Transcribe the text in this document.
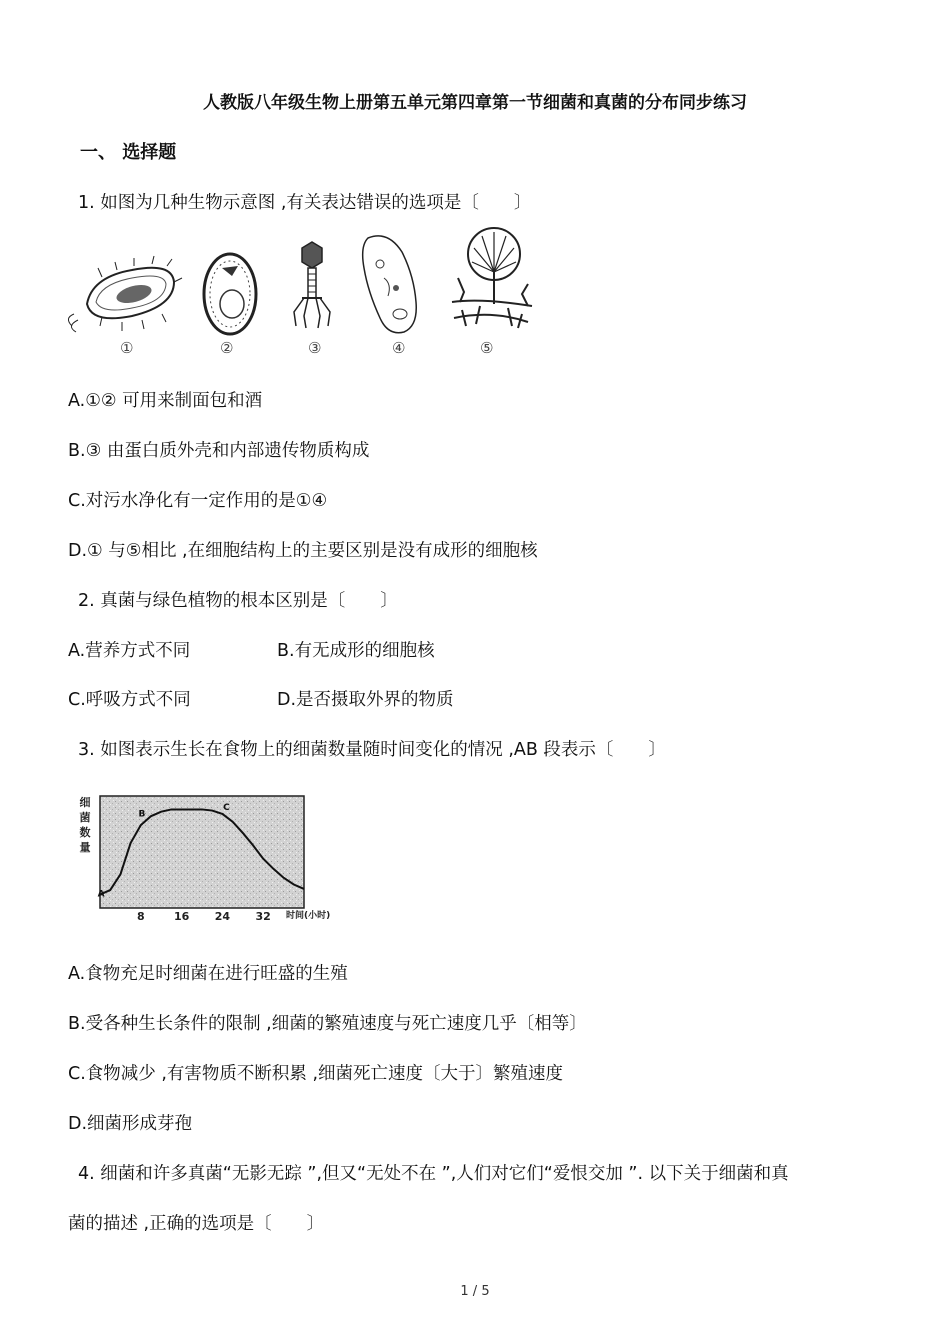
人教版八年级生物上册第五单元第四章第一节细菌和真菌的分布同步练习
一、 选择题
1. 如图为几种生物示意图 ,有关表达错误的选项是〔　　〕
①	②	③	④	⑤
A.①② 可用来制面包和酒
B.③ 由蛋白质外壳和内部遗传物质构成
C.对污水净化有一定作用的是①④
D.① 与⑤相比 ,在细胞结构上的主要区别是没有成形的细胞核
2. 真菌与绿色植物的根本区别是〔　　〕
A.营养方式不同	B.有无成形的细胞核
C.呼吸方式不同	D.是否摄取外界的物质
3. 如图表示生长在食物上的细菌数量随时间变化的情况 ,AB 段表示〔　　〕
细
菌
数
量
8	16 24 32
A
B
C
时间(小时)
A.食物充足时细菌在进行旺盛的生殖
B.受各种生长条件的限制 ,细菌的繁殖速度与死亡速度几乎〔相等〕
C.食物减少 ,有害物质不断积累 ,细菌死亡速度〔大于〕繁殖速度
D.细菌形成芽孢
4. 细菌和许多真菌“无影无踪 ”,但又“无处不在 ”,人们对它们“爱恨交加 ”. 以下关于细菌和真
菌的描述 ,正确的选项是〔　　〕
1 / 5
